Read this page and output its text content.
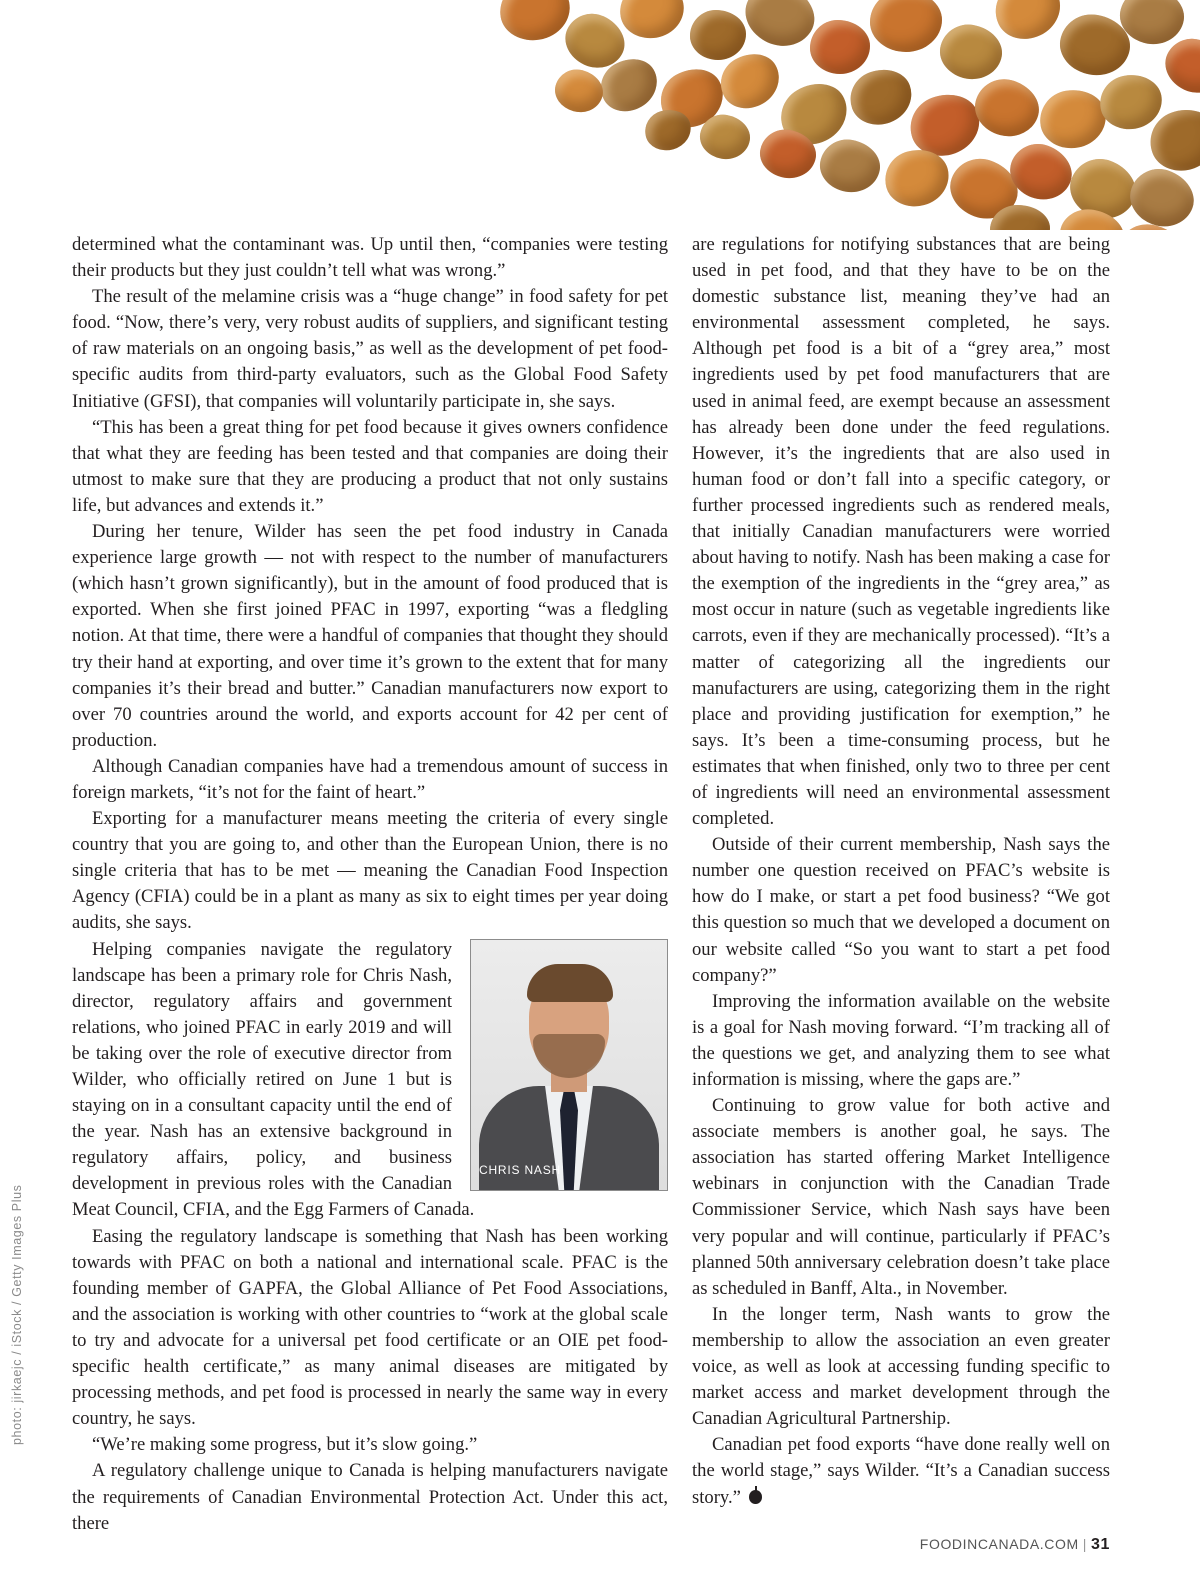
photo: jirkaejc / iStock / Getty Images Plus

determined what the contaminant was. Up until then, “companies were testing their products but they just couldn’t tell what was wrong.”

The result of the melamine crisis was a “huge change” in food safety for pet food. “Now, there’s very, very robust audits of suppliers, and significant testing of raw materials on an ongoing basis,” as well as the development of pet food-specific audits from third-party evaluators, such as the Global Food Safety Initiative (GFSI), that companies will voluntarily participate in, she says.

“This has been a great thing for pet food because it gives owners confidence that what they are feeding has been tested and that companies are doing their utmost to make sure that they are producing a product that not only sustains life, but advances and extends it.”

During her tenure, Wilder has seen the pet food industry in Canada experience large growth — not with respect to the number of manufacturers (which hasn’t grown significantly), but in the amount of food produced that is exported. When she first joined PFAC in 1997, exporting “was a fledgling notion. At that time, there were a handful of companies that thought they should try their hand at exporting, and over time it’s grown to the extent that for many companies it’s their bread and butter.” Canadian manufacturers now export to over 70 countries around the world, and exports account for 42 per cent of production.

Although Canadian companies have had a tremendous amount of success in foreign markets, “it’s not for the faint of heart.”

Exporting for a manufacturer means meeting the criteria of every single country that you are going to, and other than the European Union, there is no single criteria that has to be met — meaning the Canadian Food Inspection Agency (CFIA) could be in a plant as many as six to eight times per year doing audits, she says.

CHRIS NASH

Helping companies navigate the regulatory landscape has been a primary role for Chris Nash, director, regulatory affairs and government relations, who joined PFAC in early 2019 and will be taking over the role of executive director from Wilder, who officially retired on June 1 but is staying on in a consultant capacity until the end of the year. Nash has an extensive background in regulatory affairs, policy, and business development in previous roles with the Canadian Meat Council, CFIA, and the Egg Farmers of Canada.

Easing the regulatory landscape is something that Nash has been working towards with PFAC on both a national and international scale. PFAC is the founding member of GAPFA, the Global Alliance of Pet Food Associations, and the association is working with other countries to “work at the global scale to try and advocate for a universal pet food certificate or an OIE pet food-specific health certificate,” as many animal diseases are mitigated by processing methods, and pet food is processed in nearly the same way in every country, he says.

“We’re making some progress, but it’s slow going.”

A regulatory challenge unique to Canada is helping manufacturers navigate the requirements of Canadian Environmental Protection Act. Under this act, there

are regulations for notifying substances that are being used in pet food, and that they have to be on the domestic substance list, meaning they’ve had an environmental assessment completed, he says. Although pet food is a bit of a “grey area,” most ingredients used by pet food manufacturers that are used in animal feed, are exempt because an assessment has already been done under the feed regulations. However, it’s the ingredients that are also used in human food or don’t fall into a specific category, or further processed ingredients such as rendered meals, that initially Canadian manufacturers were worried about having to notify. Nash has been making a case for the exemption of the ingredients in the “grey area,” as most occur in nature (such as vegetable ingredients like carrots, even if they are mechanically processed). “It’s a matter of categorizing all the ingredients our manufacturers are using, categorizing them in the right place and providing justification for exemption,” he says. It’s been a time-consuming process, but he estimates that when finished, only two to three per cent of ingredients will need an environmental assessment completed.

Outside of their current membership, Nash says the number one question received on PFAC’s website is how do I make, or start a pet food business? “We got this question so much that we developed a document on our website called “So you want to start a pet food company?”

Improving the information available on the website is a goal for Nash moving forward. “I’m tracking all of the questions we get, and analyzing them to see what information is missing, where the gaps are.”

Continuing to grow value for both active and associate members is another goal, he says. The association has started offering Market Intelligence webinars in conjunction with the Canadian Trade Commissioner Service, which Nash says have been very popular and will continue, particularly if PFAC’s planned 50th anniversary celebration doesn’t take place as scheduled in Banff, Alta., in November.

In the longer term, Nash wants to grow the membership to allow the association an even greater voice, as well as look at accessing funding specific to market access and market development through the Canadian Agricultural Partnership.

Canadian pet food exports “have done really well on the world stage,” says Wilder. “It’s a Canadian success story.”

FOODINCANADA.COM | 31
